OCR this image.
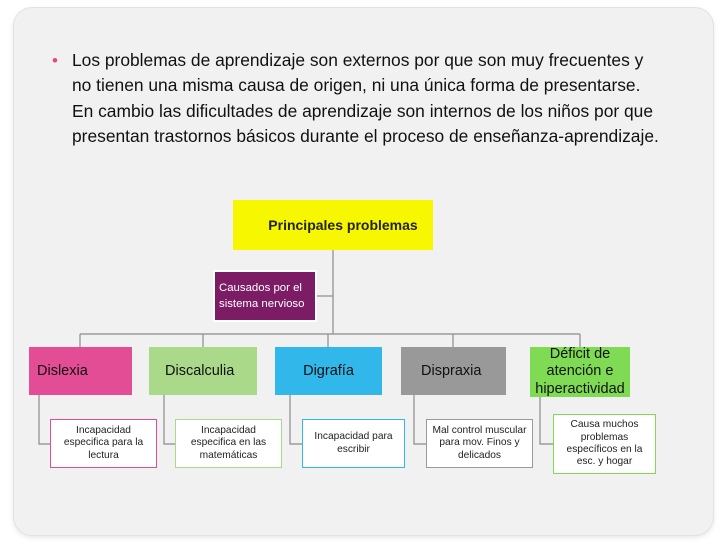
• Los problemas de aprendizaje son externos por que son muy frecuentes y no tienen una misma causa de origen, ni una única forma de presentarse. En cambio las dificultades de aprendizaje son internos de los niños por que presentan trastornos básicos durante el proceso de enseñanza-aprendizaje.
Principales problemas
Causados por el sistema nervioso
Dislexia	Discalculia	Digrafía	Dispraxia
Déficit de atención e hiperactividad
Incapacidad especifica para la lectura
Incapacidad especifica en las matemáticas
Incapacidad para escribir
Mal control muscular para mov. Finos y delicados
Causa muchos problemas específicos en la esc. y hogar
